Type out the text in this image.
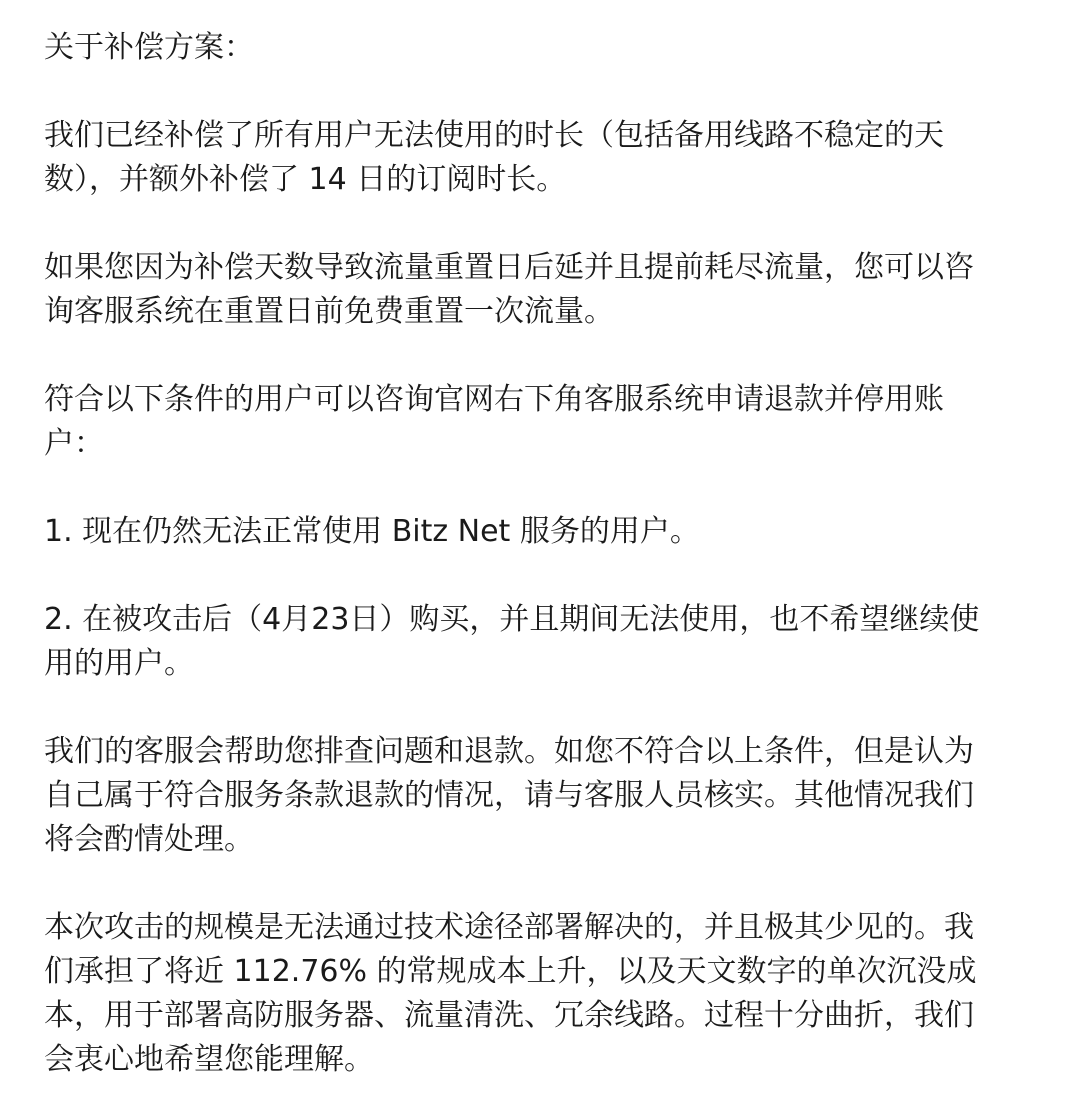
关于补偿方案：

我们已经补偿了所有用户无法使用的时长（包括备用线路不稳定的天
数），并额外补偿了 14 日的订阅时长。

如果您因为补偿天数导致流量重置日后延并且提前耗尽流量，您可以咨
询客服系统在重置日前免费重置一次流量。

符合以下条件的用户可以咨询官网右下角客服系统申请退款并停用账
户：

1. 现在仍然无法正常使用 Bitz Net 服务的用户。

2. 在被攻击后（4月23日）购买，并且期间无法使用，也不希望继续使
用的用户。

我们的客服会帮助您排查问题和退款。如您不符合以上条件，但是认为
自己属于符合服务条款退款的情况，请与客服人员核实。其他情况我们
将会酌情处理。

本次攻击的规模是无法通过技术途径部署解决的，并且极其少见的。我
们承担了将近 112.76% 的常规成本上升，以及天文数字的单次沉没成
本，用于部署高防服务器、流量清洗、冗余线路。过程十分曲折，我们
会衷心地希望您能理解。
